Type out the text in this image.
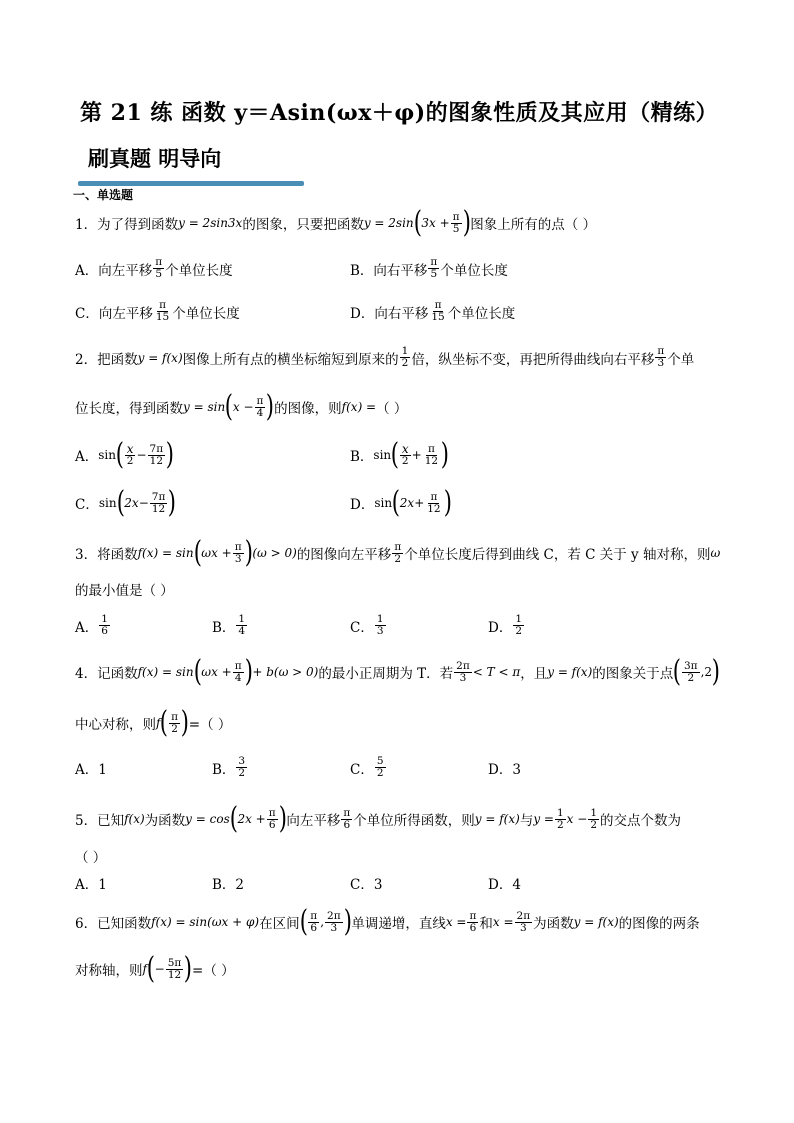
第 21 练 函数 y＝Asin(ωx＋φ)的图象性质及其应用（精练）
刷真题 明导向
一、单选题
1．为了得到函数 y = 2sin3x 的图象，只要把函数 y = 2sin ( $3x + \frac{\pi}{5}$ ) 图象上所有的点（ ）
A．向左平移 $\frac{\pi}{5}$ 个单位长度	B．向右平移 $\frac{\pi}{5}$ 个单位长度
C．向左平移 $\frac{\pi}{15}$ 个单位长度	D．向右平移 $\frac{\pi}{15}$ 个单位长度
2．把函数 y = f(x) 图像上所有点的横坐标缩短到原来的 $\frac{1}{2}$ 倍，纵坐标不变，再把所得曲线向右平移 $\frac{\pi}{3}$ 个单
位长度，得到函数 y = sin ( $x - \frac{\pi}{4}$ ) 的图像，则 f(x) = （ ）
A． sin ( $\frac{x}{2} - \frac{7\pi}{12}$ )	B． sin ( $\frac{x}{2} + \frac{\pi}{12}$ )
C． sin ( $2x - \frac{7\pi}{12}$ )	D． sin ( $2x + \frac{\pi}{12}$ )
3．将函数 f(x) = sin ( $\omega x + \frac{\pi}{3}$ ) (ω > 0) 的图像向左平移 $\frac{\pi}{2}$ 个单位长度后得到曲线 C，若 C 关于 y 轴对称，则 ω
的最小值是（ ）
A． $\frac{1}{6}$	B． $\frac{1}{4}$	C． $\frac{1}{3}$	D． $\frac{1}{2}$
4．记函数 f(x) = sin ( $\omega x + \frac{\pi}{4}$ ) + b(ω > 0) 的最小正周期为 T．若 $\frac{2\pi}{3} < T < \pi$ ，且 y = f(x) 的图象关于点 ( $\frac{3\pi}{2} ,2$ )
中心对称，则 f ( $\frac{\pi}{2}$ ) =（ ）
A．1	B． $\frac{3}{2}$	C． $\frac{5}{2}$	D．3
5．已知 f(x) 为函数 y = cos ( $2x + \frac{\pi}{6}$ ) 向左平移 $\frac{\pi}{6}$ 个单位所得函数，则 y = f(x) 与 $y = \frac{1}{2}$ $x - \frac{1}{2}$ 的交点个数为
（ ）
A．1	B．2	C．3	D．4
6．已知函数 f(x) = sin(ωx + φ) 在区间 ( $\frac{\pi}{6}$ , $\frac{2\pi}{3}$ ) 单调递增，直线 $x = \frac{\pi}{6}$ 和 $x = \frac{2\pi}{3}$ 为函数 y = f(x) 的图像的两条
对称轴，则 f ( − $\frac{5\pi}{12}$ ) =（ ）
